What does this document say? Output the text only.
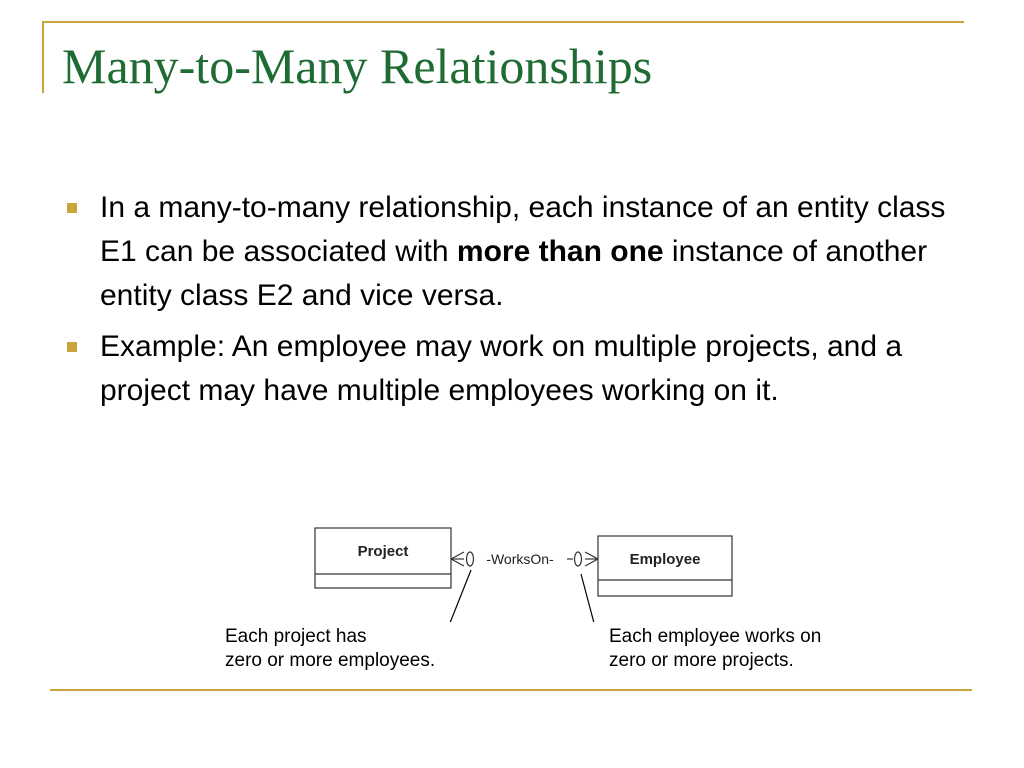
Many-to-Many Relationships
In a many-to-many relationship, each instance of an entity class E1 can be associated with more than one instance of another entity class E2 and vice versa.
Example: An employee may work on multiple projects, and a project may have multiple employees working on it.
Project	Employee
-WorksOn-
Each project has
zero or more employees.
Each employee works on
zero or more projects.
